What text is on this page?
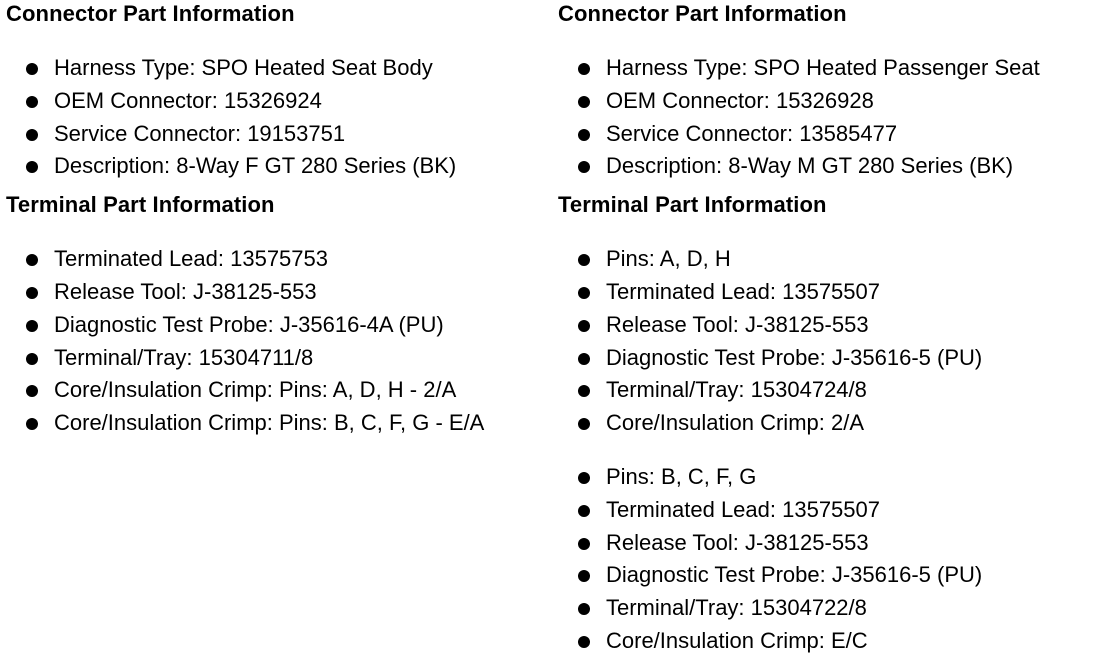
Connector Part Information
Harness Type: SPO Heated Seat Body
OEM Connector: 15326924
Service Connector: 19153751
Description: 8-Way F GT 280 Series (BK)
Terminal Part Information
Terminated Lead: 13575753
Release Tool: J-38125-553
Diagnostic Test Probe: J-35616-4A (PU)
Terminal/Tray: 15304711/8
Core/Insulation Crimp: Pins: A, D, H - 2/A
Core/Insulation Crimp: Pins: B, C, F, G - E/A
Connector Part Information
Harness Type: SPO Heated Passenger Seat
OEM Connector: 15326928
Service Connector: 13585477
Description: 8-Way M GT 280 Series (BK)
Terminal Part Information
Pins: A, D, H
Terminated Lead: 13575507
Release Tool: J-38125-553
Diagnostic Test Probe: J-35616-5 (PU)
Terminal/Tray: 15304724/8
Core/Insulation Crimp: 2/A
Pins: B, C, F, G
Terminated Lead: 13575507
Release Tool: J-38125-553
Diagnostic Test Probe: J-35616-5 (PU)
Terminal/Tray: 15304722/8
Core/Insulation Crimp: E/C
